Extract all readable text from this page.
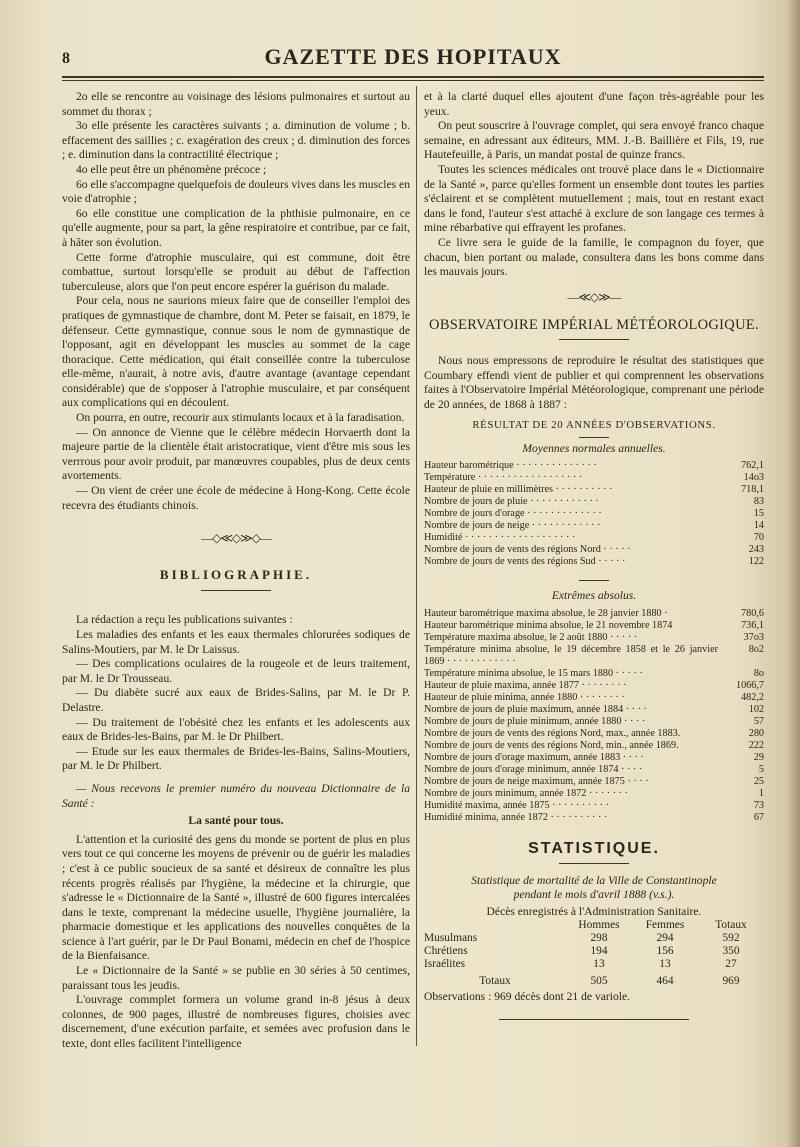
8	GAZETTE DES HOPITAUX

2o elle se rencontre au voisinage des lésions pulmonaires et surtout au sommet du thorax ;

3o elle présente les caractères suivants ; a. diminution de volume ; b. effacement des saillies ; c. exagération des creux ; d. diminution des forces ; e. diminution dans la contractilité électrique ;

4o elle peut être un phénomène précoce ;

6o elle s'accompagne quelquefois de douleurs vives dans les muscles en voie d'atrophie ;

6o elle constitue une complication de la phthisie pulmonaire, en ce qu'elle augmente, pour sa part, la gêne respiratoire et contribue, par ce fait, à hâter son évolution.

Cette forme d'atrophie musculaire, qui est commune, doit être combattue, surtout lorsqu'elle se produit au début de l'affection tuberculeuse, alors que l'on peut encore espérer la guérison du malade.

Pour cela, nous ne saurions mieux faire que de conseiller l'emploi des pratiques de gymnastique de chambre, dont M. Peter se faisait, en 1879, le défenseur. Cette gymnastique, connue sous le nom de gymnastique de l'opposant, agit en développant les muscles au sommet de la cage thoracique. Cette médication, qui était conseillée contre la tuberculose elle-même, n'aurait, à notre avis, d'autre avantage (avantage cependant considérable) que de s'opposer à l'atrophie musculaire, et par conséquent aux complications qui en découlent.

On pourra, en outre, recourir aux stimulants locaux et à la faradisation.

— On annonce de Vienne que le célèbre médecin Horvaerth dont la majeure partie de la clientèle était aristocratique, vient d'être mis sous les verrrous pour avoir produit, par manœuvres coupables, plus de deux cents avortements.

— On vient de créer une école de médecine à Hong-Kong. Cette école recevra des étudiants chinois.

—◇≪◇≫◇—
BIBLIOGRAPHIE.

La rédaction a reçu les publications suivantes :

Les maladies des enfants et les eaux thermales chlorurées sodiques de Salins-Moutiers, par M. le Dr Laissus.

— Des complications oculaires de la rougeole et de leurs traitement, par M. le Dr Trousseau.

— Du diabète sucré aux eaux de Brides-Salins, par M. le Dr P. Delastre.

— Du traitement de l'obésité chez les enfants et les adolescents aux eaux de Brides-les-Bains, par M. le Dr Philbert.

— Etude sur les eaux thermales de Brides-les-Bains, Salins-Moutiers, par M. le Dr Philbert.

— Nous recevons le premier numéro du nouveau Dictionnaire de la Santé :

La santé pour tous.

L'attention et la curiosité des gens du monde se portent de plus en plus vers tout ce qui concerne les moyens de prévenir ou de guérir les maladies ; c'est à ce public soucieux de sa santé et désireux de connaître les plus récents progrès réalisés par l'hygiène, la médecine et la chirurgie, que s'adresse le « Dictionnaire de la Santé », illustré de 600 figures intercalées dans le texte, comprenant la médecine usuelle, l'hygiène journalière, la pharmacie domestique et les applications des nouvelles conquêtes de la science à l'art guérir, par le Dr Paul Bonami, médecin en chef de l'hospice de la Bienfaisance.

Le « Dictionnaire de la Santé » se publie en 30 séries à 50 centimes, paraissant tous les jeudis.

L'ouvrage commplet formera un volume grand in-8 jésus à deux colonnes, de 900 pages, illustré de nombreuses figures, choisies avec discernement, d'une exécution parfaite, et semées avec profusion dans le texte, dont elles facilitent l'intelligence

et à la clarté duquel elles ajoutent d'une façon très-agréable pour les yeux.

On peut souscrire à l'ouvrage complet, qui sera envoyé franco chaque semaine, en adressant aux éditeurs, MM. J.-B. Baillière et Fils, 19, rue Hautefeuille, à Paris, un mandat postal de quinze francs.

Toutes les sciences médicales ont trouvé place dans le « Dictionnaire de la Santé », parce qu'elles forment un ensemble dont toutes les parties s'éclairent et se complètent mutuellement ; mais, tout en restant exact dans le fond, l'auteur s'est attaché à exclure de son langage ces termes à mine rébarbative qui effrayent les profanes.

Ce livre sera le guide de la famille, le compagnon du foyer, que chacun, bien portant ou malade, consultera dans les bons comme dans les mauvais jours.

—≪◇≫—
OBSERVATOIRE IMPÉRIAL MÉTÉOROLOGIQUE.

Nous nous empressons de reproduire le résultat des statistiques que Coumbary effendi vient de publier et qui comprennent les observations faites à l'Observatoire Impérial Météorologique, comprenant une période de 20 années, de 1868 à 1887 :

RÉSULTAT DE 20 ANNÉES D'OBSERVATIONS.
Moyennes normales annuelles.
Hauteur barométrique · · · · · · · · · · · · · ·	762,1
Température · · · · · · · · · · · · · · · · · ·	14o3
Hauteur de pluie en millimètres · · · · · · · · · ·	718,1
Nombre de jours de pluie · · · · · · · · · · · ·	83
Nombre de jours d'orage · · · · · · · · · · · · ·	15
Nombre de jours de neige · · · · · · · · · · · ·	14
Humidité · · · · · · · · · · · · · · · · · · ·	70
Nombre de jours de vents des régions Nord · · · · ·	243
Nombre de jours de vents des régions Sud · · · · ·	122
Extrêmes absolus.
Hauteur barométrique maxima absolue, le 28 janvier 1880 ·	780,6
Hauteur barométrique minima absolue, le 21 novembre 1874	736,1
Température maxima absolue, le 2 août 1880 · · · · ·	37o3
Température minima absolue, le 19 décembre 1858 et le 26 janvier 1869 · · · · · · · · · · · ·	8o2
Température minima absolue, le 15 mars 1880 · · · · ·	8o
Hauteur de pluie maxima, année 1877 · · · · · · · ·	1066,7
Hauteur de pluie minima, année 1880 · · · · · · · ·	482,2
Nombre de jours de pluie maximum, année 1884 · · · ·	102
Nombre de jours de pluie minimum, année 1880 · · · ·	57
Nombre de jours de vents des régions Nord, max., année 1883.	280
Nombre de jours de vents des régions Nord, min., année 1869.	222
Nombre de jours d'orage maximum, année 1883 · · · ·	29
Nombre de jours d'orage minimum, année 1874 · · · ·	5
Nombre de jours de neige maximum, année 1875 · · · ·	25
Nombre de jours minimum, année 1872 · · · · · · ·	1
Humidité maxima, année 1875 · · · · · · · · · ·	73
Humidité minima, année 1872 · · · · · · · · · ·	67
STATISTIQUE.
Statistique de mortalité de la Ville de Constantinople
pendant le mois d'avril 1888 (v.s.).
Décès enregistrés à l'Administration Sanitaire.
	Hommes	Femmes	Totaux
Musulmans	298	294	592
Chrétiens	194	156	350
Israélites	13	13	27
Totaux	505	464	969

Observations : 969 décès dont 21 de variole.
